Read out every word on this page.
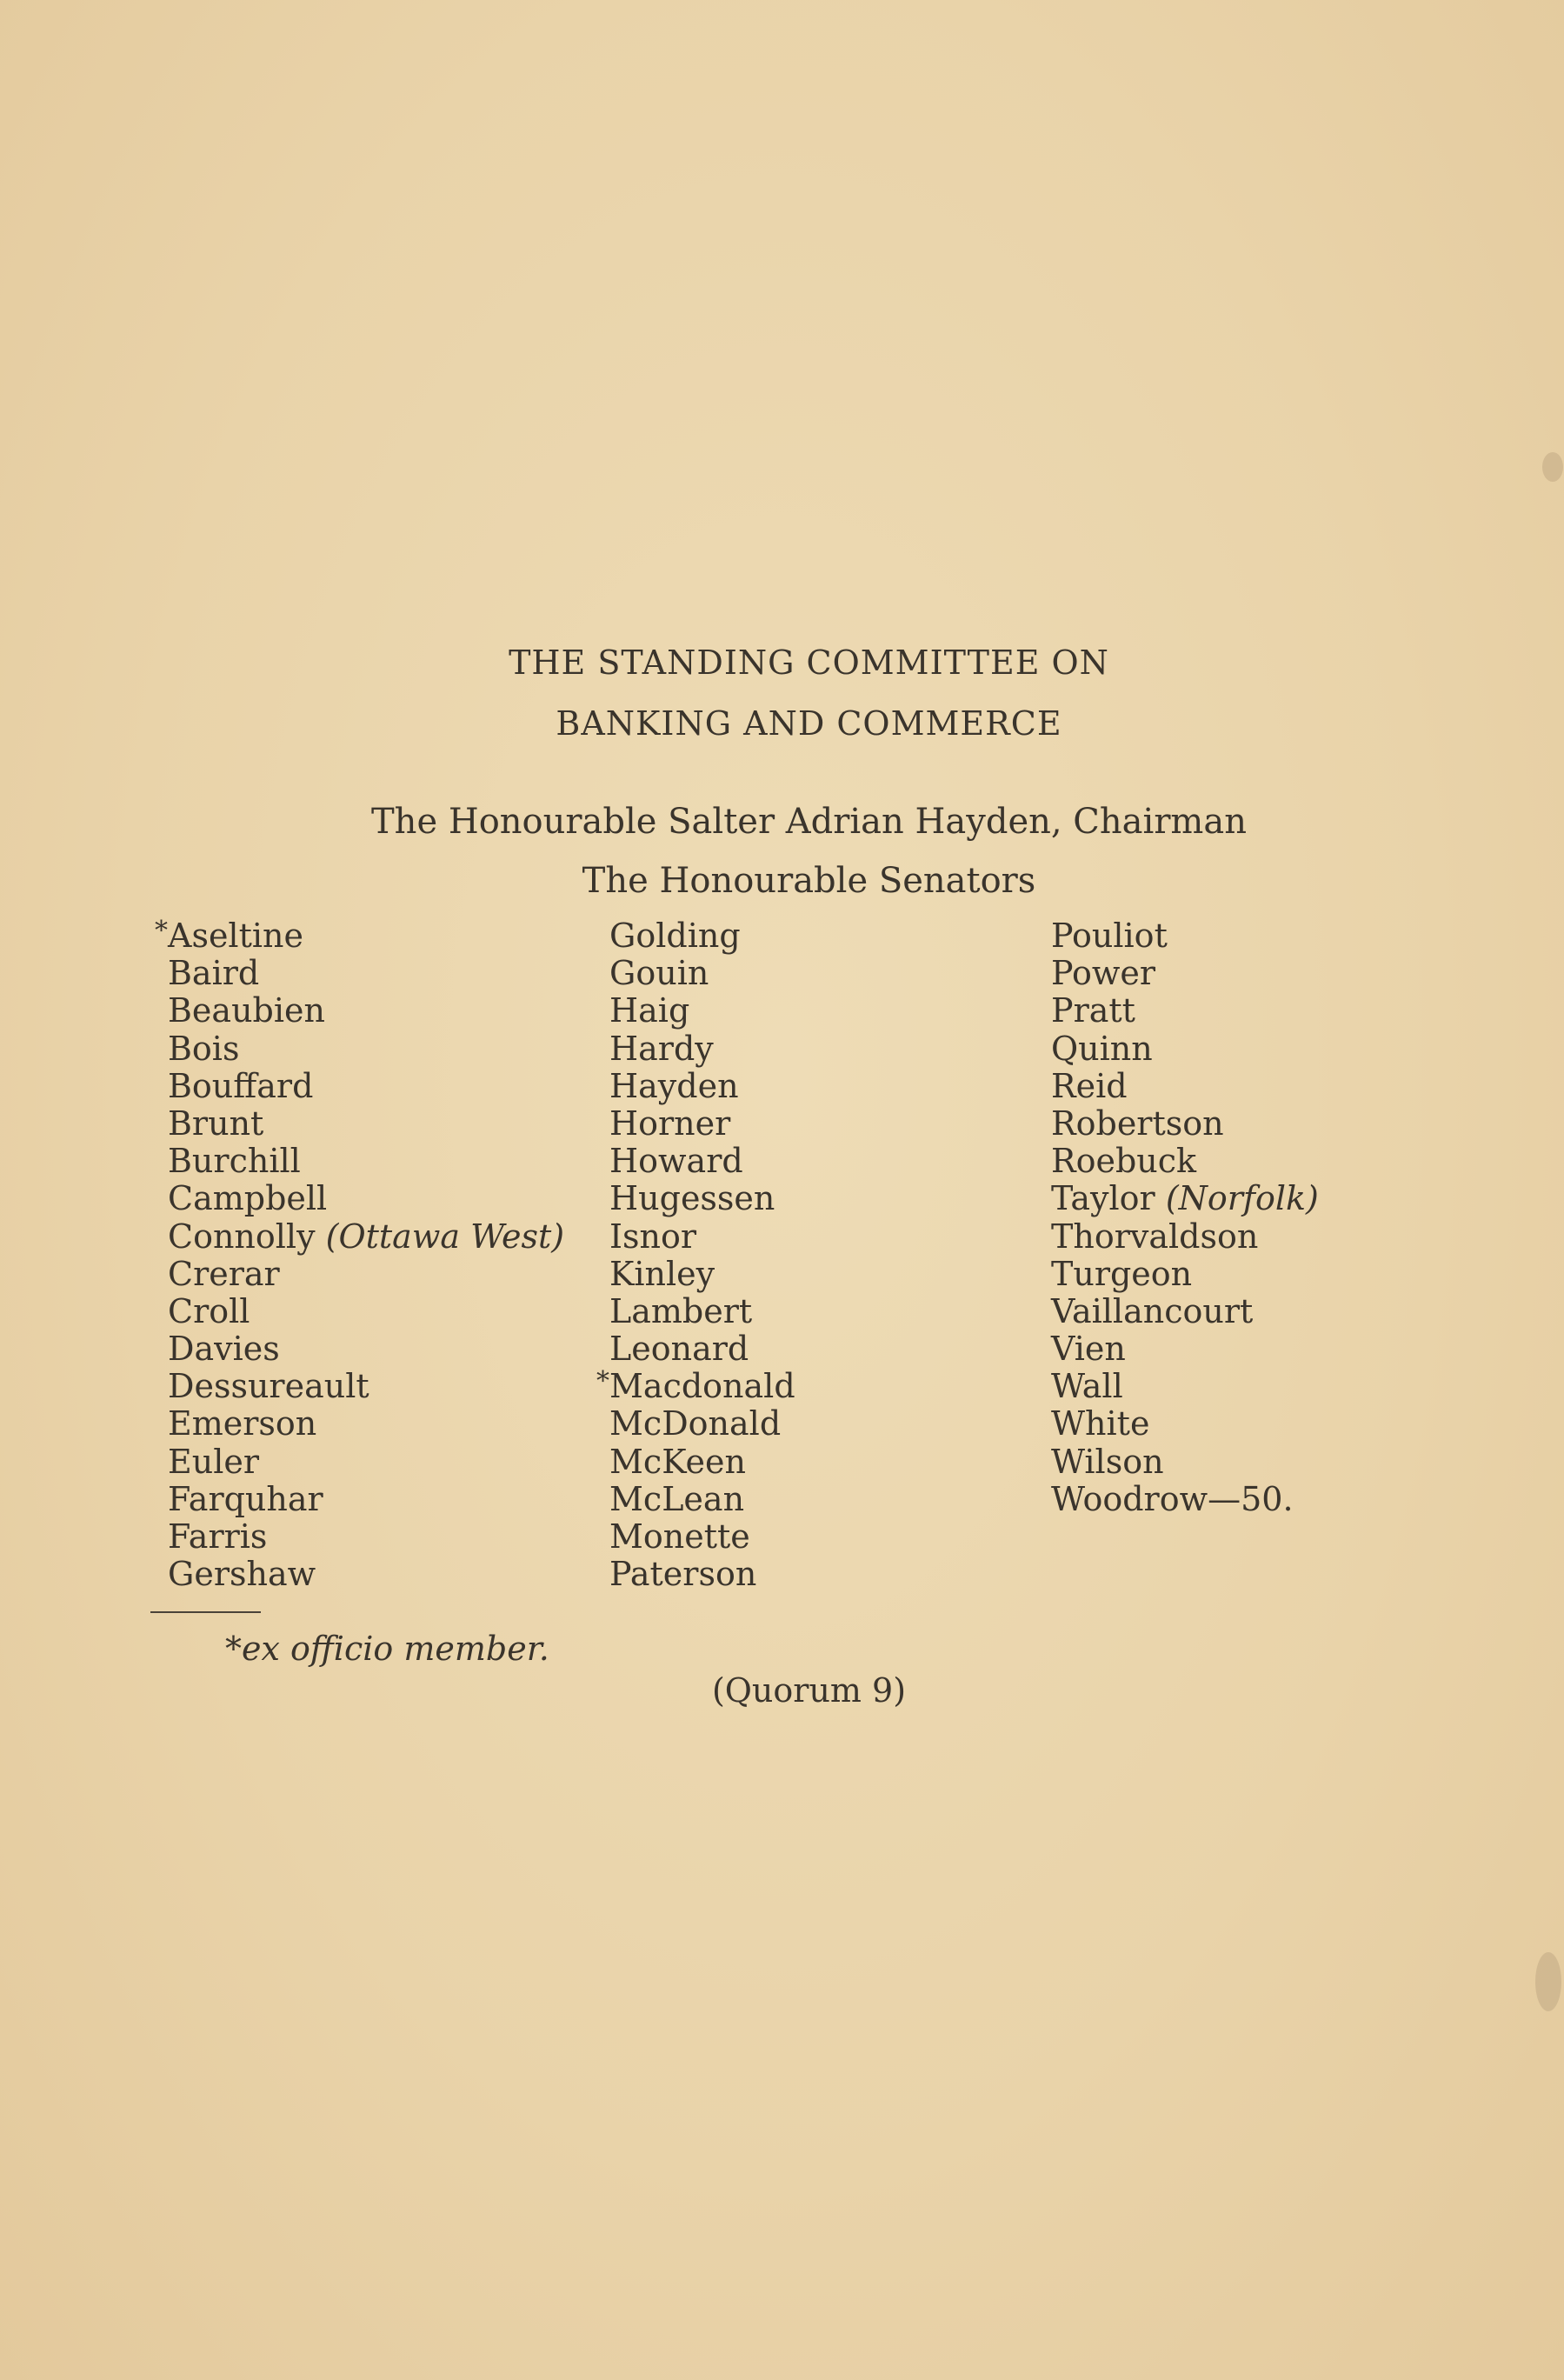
THE STANDING COMMITTEE ON
BANKING AND COMMERCE
The Honourable Salter Adrian Hayden, Chairman
The Honourable Senators
* Aseltine
Baird
Beaubien
Bois
Bouffard
Brunt
Burchill
Campbell
Connolly (Ottawa West)
Crerar
Croll
Davies
Dessureault
Emerson
Euler
Farquhar
Farris
Gershaw
Golding
Gouin
Haig
Hardy
Hayden
Horner
Howard
Hugessen
Isnor
Kinley
Lambert
Leonard
* Macdonald
McDonald
McKeen
McLean
Monette
Paterson
Pouliot
Power
Pratt
Quinn
Reid
Robertson
Roebuck
Taylor (Norfolk)
Thorvaldson
Turgeon
Vaillancourt
Vien
Wall
White
Wilson
Woodrow—50.
*ex officio member.
(Quorum 9)
